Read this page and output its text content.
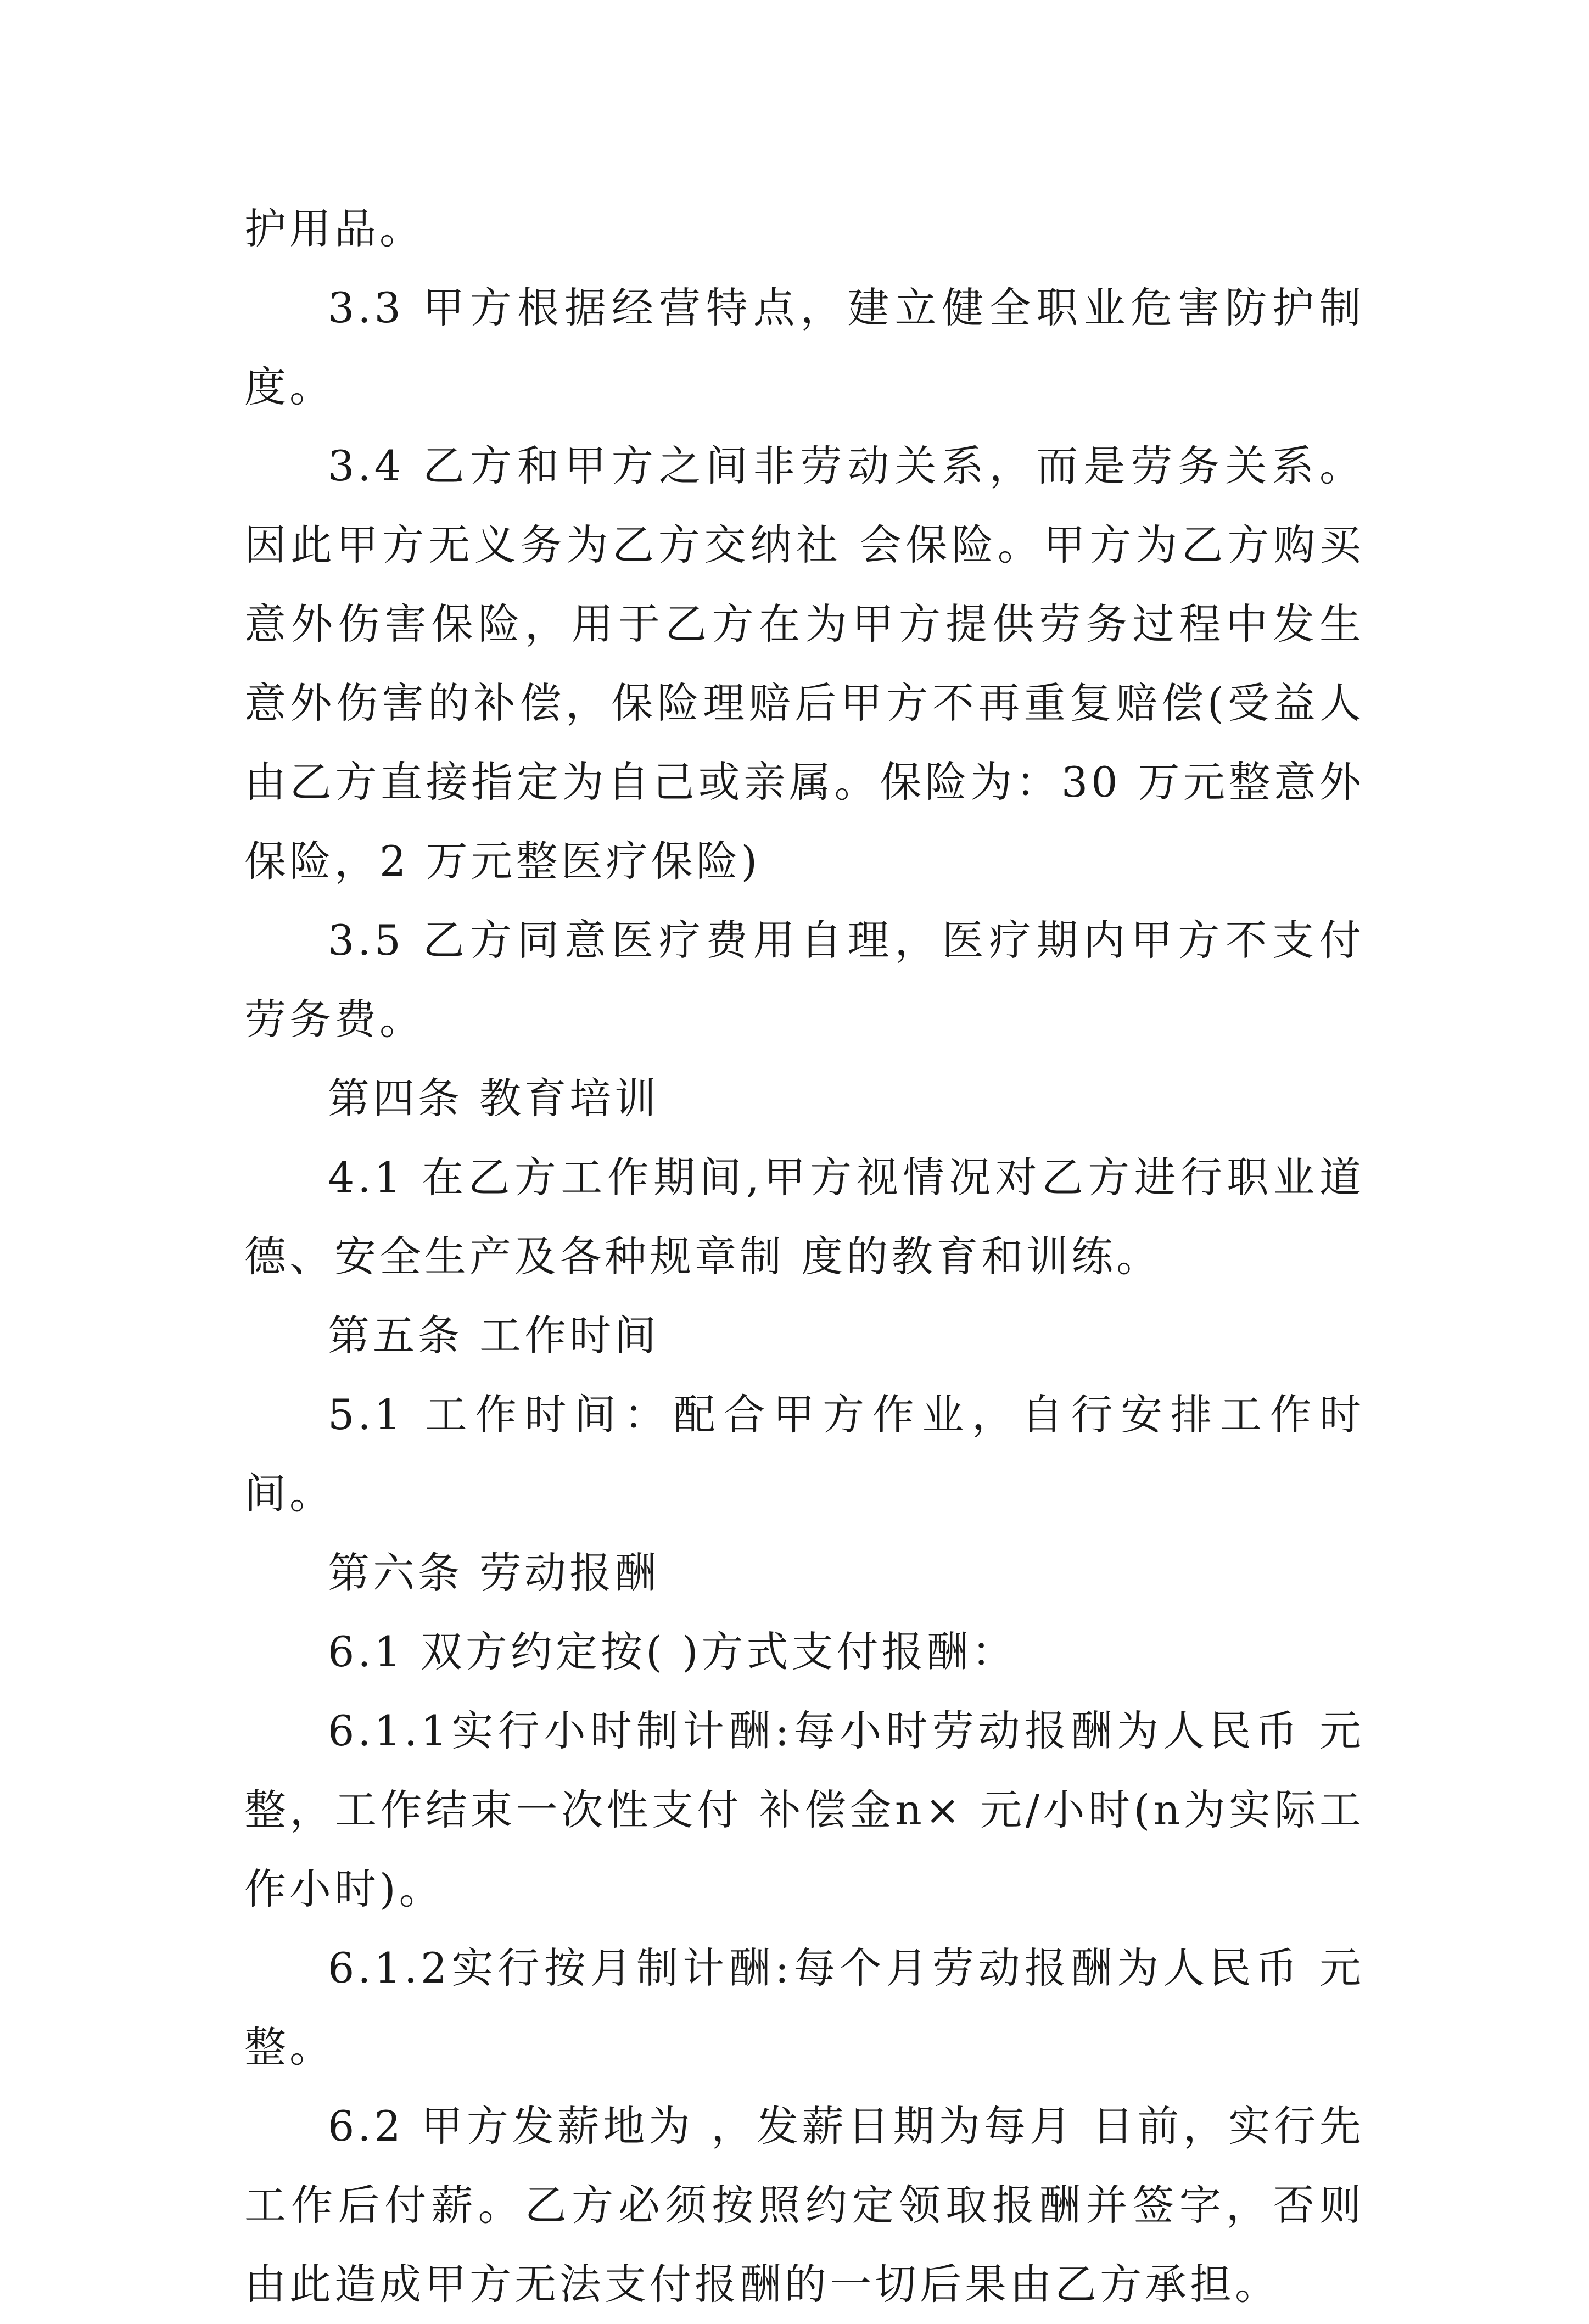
护用品。

3.3 甲方根据经营特点，建立健全职业危害防护制度。

3.4 乙方和甲方之间非劳动关系，而是劳务关系。因此甲方无义务为乙方交纳社 会保险。甲方为乙方购买意外伤害保险，用于乙方在为甲方提供劳务过程中发生意外伤害的补偿，保险理赔后甲方不再重复赔偿(受益人由乙方直接指定为自己或亲属。保险为：30 万元整意外保险，2 万元整医疗保险)

3.5 乙方同意医疗费用自理，医疗期内甲方不支付劳务费。

第四条 教育培训

4.1 在乙方工作期间,甲方视情况对乙方进行职业道德、安全生产及各种规章制 度的教育和训练。

第五条 工作时间

5.1 工作时间：配合甲方作业，自行安排工作时间。

第六条 劳动报酬

6.1 双方约定按( )方式支付报酬：

6.1.1实行小时制计酬:每小时劳动报酬为人民币 元整，工作结束一次性支付 补偿金n× 元/小时(n为实际工作小时)。

6.1.2实行按月制计酬:每个月劳动报酬为人民币 元整。

6.2 甲方发薪地为 ，发薪日期为每月 日前，实行先工作后付薪。乙方必须按照约定领取报酬并签字，否则由此造成甲方无法支付报酬的一切后果由乙方承担。
